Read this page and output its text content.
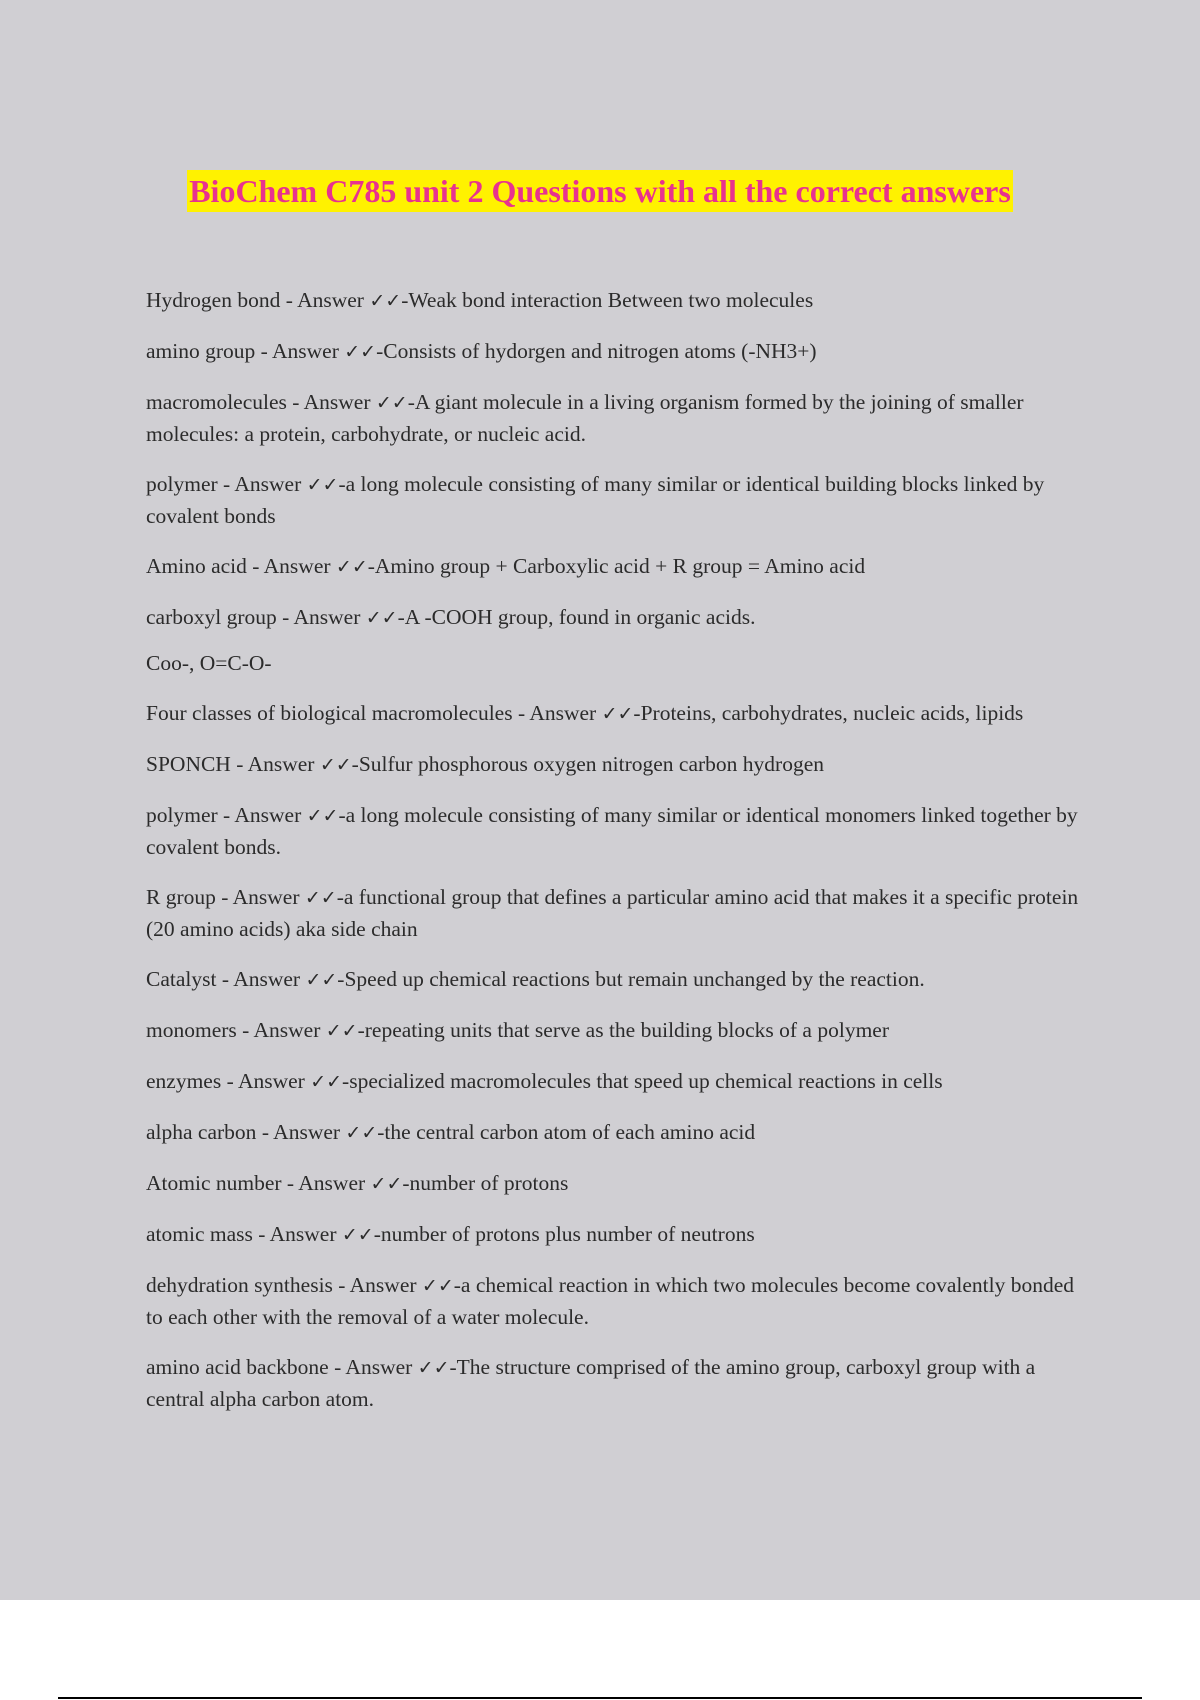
BioChem C785 unit 2 Questions with all the correct answers
Hydrogen bond - Answer ✓✓-Weak bond interaction Between two molecules
amino group - Answer ✓✓-Consists of hydorgen and nitrogen atoms (-NH3+)
macromolecules - Answer ✓✓-A giant molecule in a living organism formed by the joining of smaller molecules: a protein, carbohydrate, or nucleic acid.
polymer - Answer ✓✓-a long molecule consisting of many similar or identical building blocks linked by covalent bonds
Amino acid - Answer ✓✓-Amino group + Carboxylic acid + R group = Amino acid
carboxyl group - Answer ✓✓-A -COOH group, found in organic acids.
Coo-, O=C-O-
Four classes of biological macromolecules - Answer ✓✓-Proteins, carbohydrates, nucleic acids, lipids
SPONCH - Answer ✓✓-Sulfur phosphorous oxygen nitrogen carbon hydrogen
polymer - Answer ✓✓-a long molecule consisting of many similar or identical monomers linked together by covalent bonds.
R group - Answer ✓✓-a functional group that defines a particular amino acid that makes it a specific protein (20 amino acids) aka side chain
Catalyst - Answer ✓✓-Speed up chemical reactions but remain unchanged by the reaction.
monomers - Answer ✓✓-repeating units that serve as the building blocks of a polymer
enzymes - Answer ✓✓-specialized macromolecules that speed up chemical reactions in cells
alpha carbon - Answer ✓✓-the central carbon atom of each amino acid
Atomic number - Answer ✓✓-number of protons
atomic mass - Answer ✓✓-number of protons plus number of neutrons
dehydration synthesis - Answer ✓✓-a chemical reaction in which two molecules become covalently bonded to each other with the removal of a water molecule.
amino acid backbone - Answer ✓✓-The structure comprised of the amino group, carboxyl group with a central alpha carbon atom.
